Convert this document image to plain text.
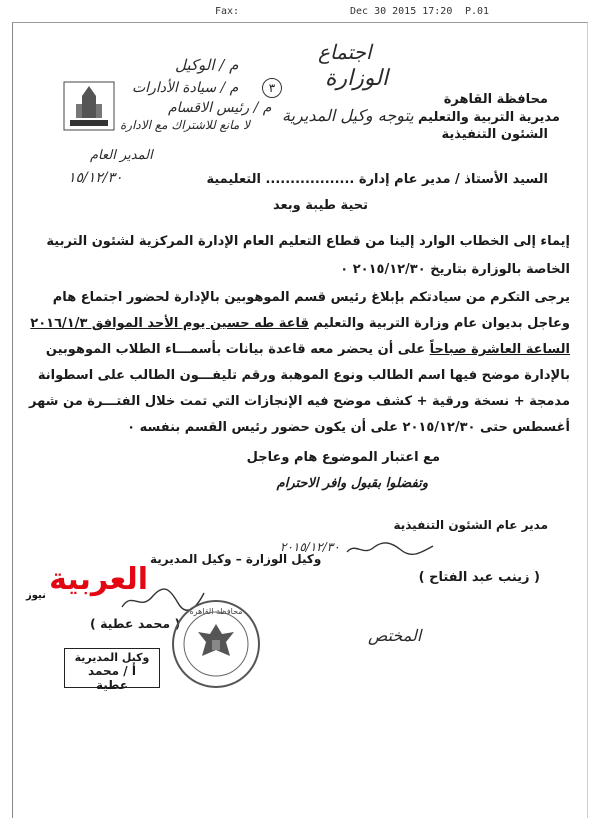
Fax:	Dec 30 2015 17:20 P.01
محافظة القاهرة
مديرية التربية والتعليم
الشئون التنفيذية
اجتماع
الوزارة
م / الوكيل
٣
م / سيادة الأدارات
م / رئيس الاقسام
لا مانع للاشتراك مع الادارة يتوجه وكيل المديرية
المدير العام
١٥/١٢/٣٠	السيد الأستاذ / مدير عام إدارة .................. التعليمية
تحية طيبة وبعد
إيماء إلى الخطاب الوارد إلينا من قطاع التعليم العام الإدارة المركزية لشئون التربية
الخاصة بالوزارة بتاريخ ٢٠١٥/١٢/٣٠ ٠
يرجى التكرم من سيادتكم بإبلاغ رئيس قسم الموهوبين بالإدارة لحضور اجتماع هام
وعاجل بديوان عام وزارة التربية والتعليم قاعة طه حسين يوم الأحد الموافق ٢٠١٦/١/٣
الساعة العاشرة صباحاً على أن يحضر معه قاعدة بيانات بأسمـــاء الطلاب الموهوبين
بالإدارة موضح فيها اسم الطالب ونوع الموهبة ورقم تليفـــون الطالب على اسطوانة
مدمجة + نسخة ورقية + كشف موضح فيه الإنجازات التي تمت خلال الفتـــرة من شهر
أغسطس حتى ٢٠١٥/١٢/٣٠ على أن يكون حضور رئيس القسم بنفسه ٠
مع اعتبار الموضوع هام وعاجل
وتفضلوا بقبول وافر الاحترام
مدير عام الشئون التنفيذية
٢٠١٥/١٢/٣٠
( زينب عبد الفتاح )
وكيل الوزارة – وكيل المديرية
( محمد عطية )
محافظة القاهرة
وكيل المديرية
أ / محمد عطية
المختص
العربية
نيوز
